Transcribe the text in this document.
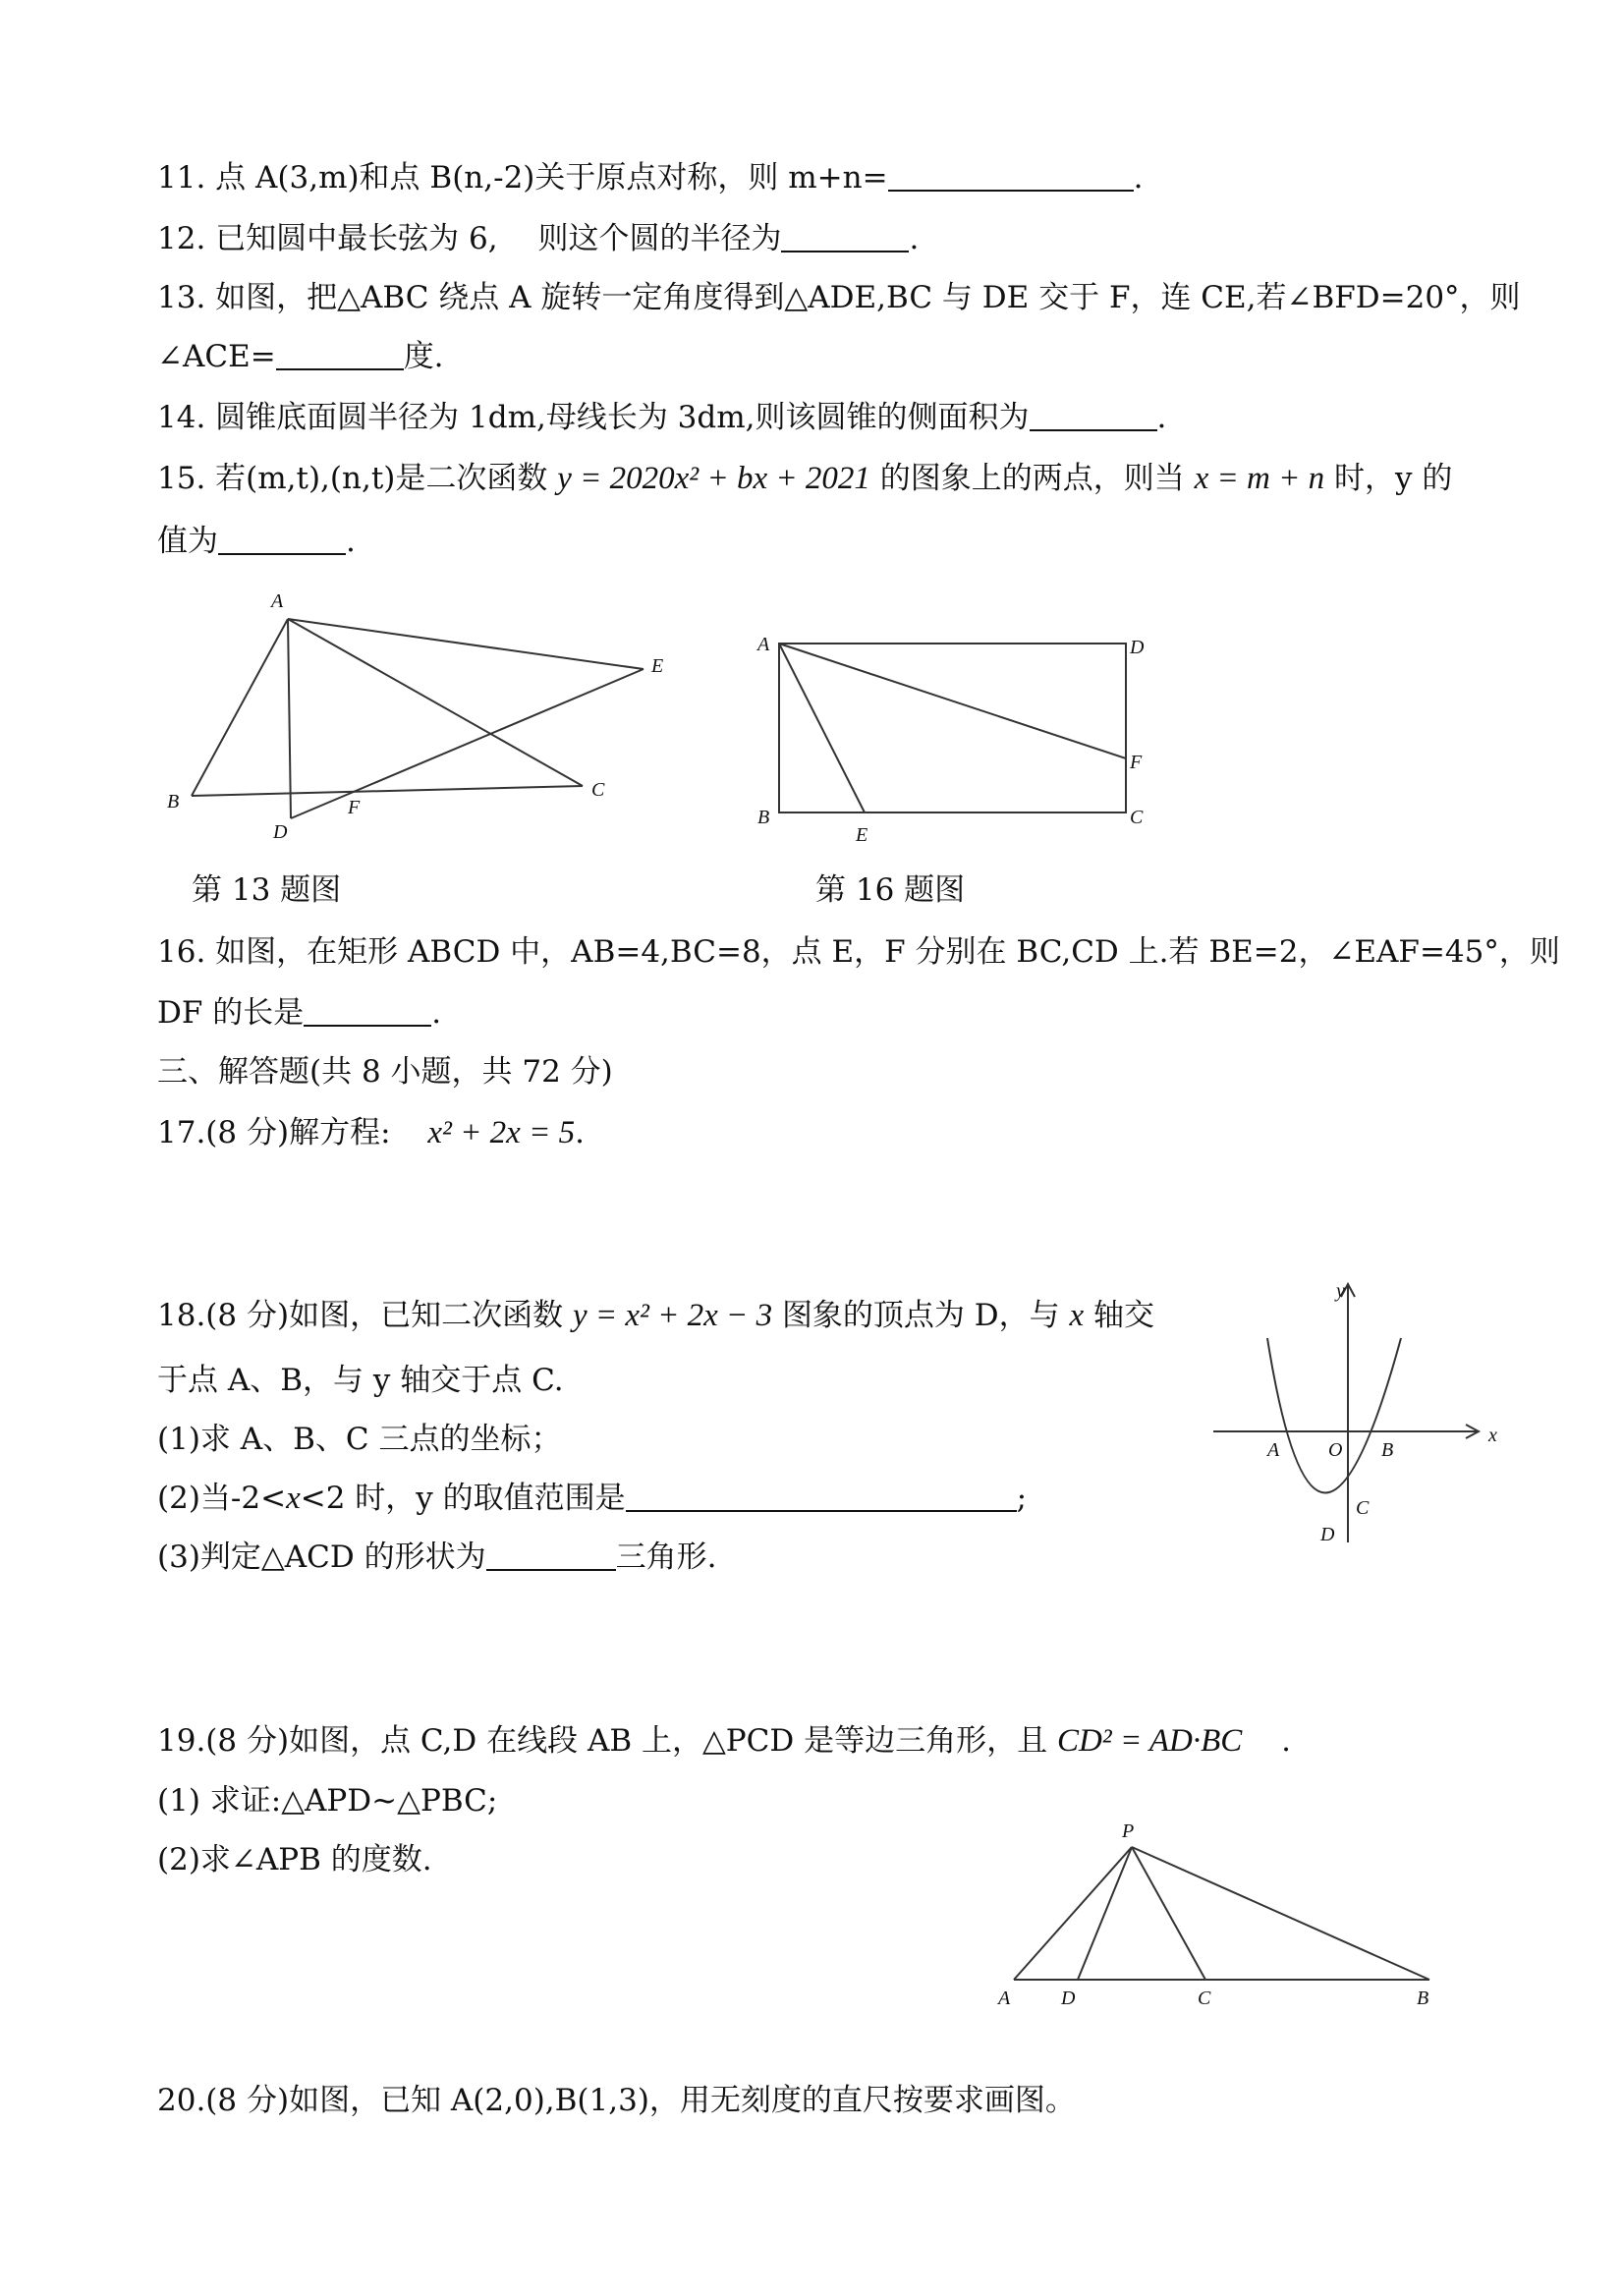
11. 点 A(3,m)和点 B(n,-2)关于原点对称，则 m+n=	.
12. 已知圆中最长弦为 6,　 则这个圆的半径为	.
13. 如图，把△ABC 绕点 A 旋转一定角度得到△ADE,BC 与 DE 交于 F，连 CE,若∠BFD=20°，则
∠ACE=	度.
14. 圆锥底面圆半径为 1dm,母线长为 3dm,则该圆锥的侧面积为	.
15. 若(m,t),(n,t)是二次函数 y = 2020x² + bx + 2021 的图象上的两点，则当 x = m + n 时，y 的
值为	.
A
B
C
D
E
F
第 13 题图
A
B	C
D
E
F
第 16 题图
16. 如图，在矩形 ABCD 中，AB=4,BC=8，点 E，F 分别在 BC,CD 上.若 BE=2，∠EAF=45°，则
DF 的长是	.
三、解答题(共 8 小题，共 72 分)
17.(8 分)解方程: x² + 2x = 5.
18.(8 分)如图，已知二次函数 y = x² + 2x − 3 图象的顶点为 D，与 x 轴交
于点 A、B，与 y 轴交于点 C.
(1)求 A、B、C 三点的坐标；
(2)当-2<x<2 时，y 的取值范围是	;
(3)判定△ACD 的形状为	三角形.
y
x
A O B
C
D
19.(8 分)如图，点 C,D 在线段 AB 上，△PCD 是等边三角形，且 CD² = AD·BC .
(1) 求证:△APD~△PBC;
(2)求∠APB 的度数.
P
A	D	C	B
20.(8 分)如图，已知 A(2,0),B(1,3)，用无刻度的直尺按要求画图。
